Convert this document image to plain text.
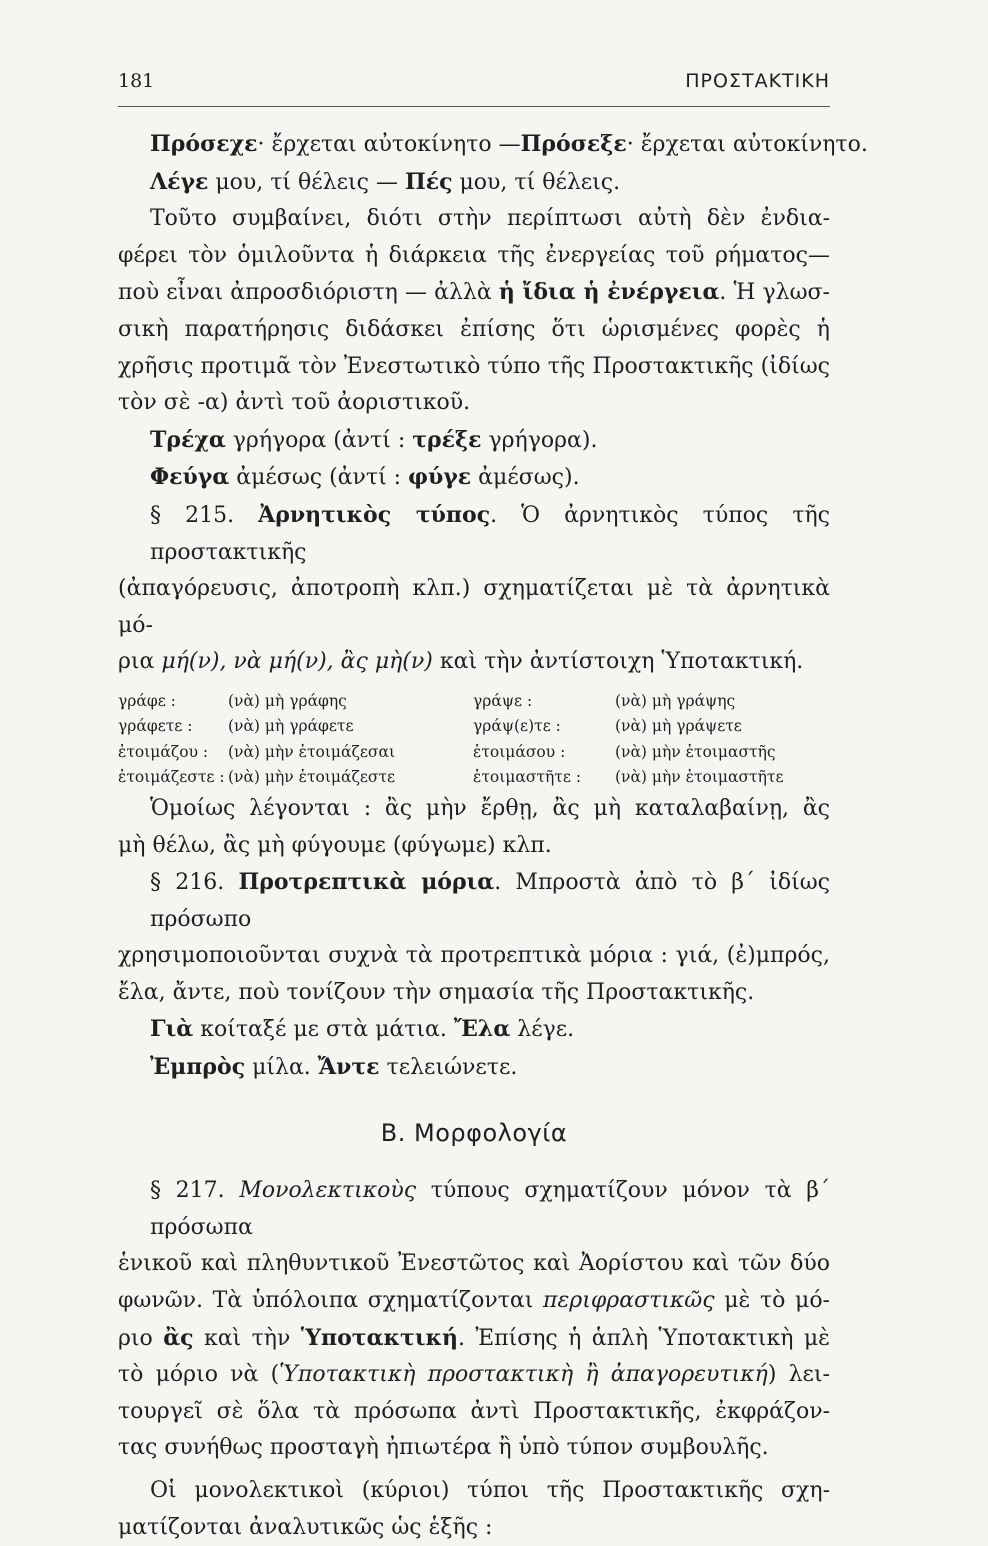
181	ΠΡΟΣΤΑΚΤΙΚΗ
Πρόσεχε· ἔρχεται αὐτοκίνητο —Πρόσεξε· ἔρχεται αὐτοκίνητο.
Λέγε μου, τί θέλεις — Πές μου, τί θέλεις.
Τοῦτο συμβαίνει, διότι στὴν περίπτωσι αὐτὴ δὲν ἐνδια-
φέρει τὸν ὁμιλοῦντα ἡ διάρκεια τῆς ἐνεργείας τοῦ ρήματος—
ποὺ εἶναι ἀπροσδιόριστη — ἀλλὰ ἡ ἴδια ἡ ἐνέργεια. Ἡ γλωσ-
σικὴ παρατήρησις διδάσκει ἐπίσης ὅτι ὡρισμένες φορὲς ἡ
χρῆσις προτιμᾶ τὸν Ἐνεστωτικὸ τύπο τῆς Προστακτικῆς (ἰδίως
τὸν σὲ -α) ἀντὶ τοῦ ἀοριστικοῦ.
Τρέχα γρήγορα (ἀντί : τρέξε γρήγορα).
Φεύγα ἀμέσως (ἀντί : φύγε ἀμέσως).
§ 215. Ἀρνητικὸς τύπος. Ὁ ἀρνητικὸς τύπος τῆς προστακτικῆς
(ἀπαγόρευσις, ἀποτροπὴ κλπ.) σχηματίζεται μὲ τὰ ἀρνητικὰ μό-
ρια μή(ν), νὰ μή(ν), ἂς μὴ(ν) καὶ τὴν ἀντίστοιχη Ὑποτακτική.
γράφε :	(νὰ) μὴ γράφης	γράψε :	(νὰ) μὴ γράψης
γράφετε : (νὰ) μὴ γράφετε	γράψ(ε)τε :	(νὰ) μὴ γράψετε
ἑτοιμάζου : (νὰ) μὴν ἑτοιμάζεσαι	ἑτοιμάσου :	(νὰ) μὴν ἑτοιμαστῆς
ἑτοιμάζεστε : (νὰ) μὴν ἑτοιμάζεστε	ἑτοιμαστῆτε : (νὰ) μὴν ἑτοιμαστῆτε
Ὁμοίως λέγονται : ἂς μὴν ἔρθῃ, ἂς μὴ καταλαβαίνῃ, ἂς
μὴ θέλω, ἂς μὴ φύγουμε (φύγωμε) κλπ.
§ 216. Προτρεπτικὰ μόρια. Μπροστὰ ἀπὸ τὸ β΄ ἰδίως πρόσωπο
χρησιμοποιοῦνται συχνὰ τὰ προτρεπτικὰ μόρια : γιά, (ἐ)μπρός,
ἔλα, ἄντε, ποὺ τονίζουν τὴν σημασία τῆς Προστακτικῆς.
Γιὰ κοίταξέ με στὰ μάτια. Ἔλα λέγε.
Ἐμπρὸς μίλα. Ἄντε τελειώνετε.
Β. Μορφολογία
§ 217. Μονολεκτικοὺς τύπους σχηματίζουν μόνον τὰ β΄ πρόσωπα
ἑνικοῦ καὶ πληθυντικοῦ Ἐνεστῶτος καὶ Ἀορίστου καὶ τῶν δύο
φωνῶν. Τὰ ὑπόλοιπα σχηματίζονται περιφραστικῶς μὲ τὸ μό-
ριο ἂς καὶ τὴν Ὑποτακτική. Ἐπίσης ἡ ἁπλὴ Ὑποτακτικὴ μὲ
τὸ μόριο νὰ (Ὑποτακτικὴ προστακτικὴ ἢ ἀπαγορευτική) λει-
τουργεῖ σὲ ὅλα τὰ πρόσωπα ἀντὶ Προστακτικῆς, ἐκφράζον-
τας συνήθως προσταγὴ ἠπιωτέρα ἢ ὑπὸ τύπον συμβουλῆς.
Οἱ μονολεκτικοὶ (κύριοι) τύποι τῆς Προστακτικῆς σχη-
ματίζονται ἀναλυτικῶς ὡς ἑξῆς :
